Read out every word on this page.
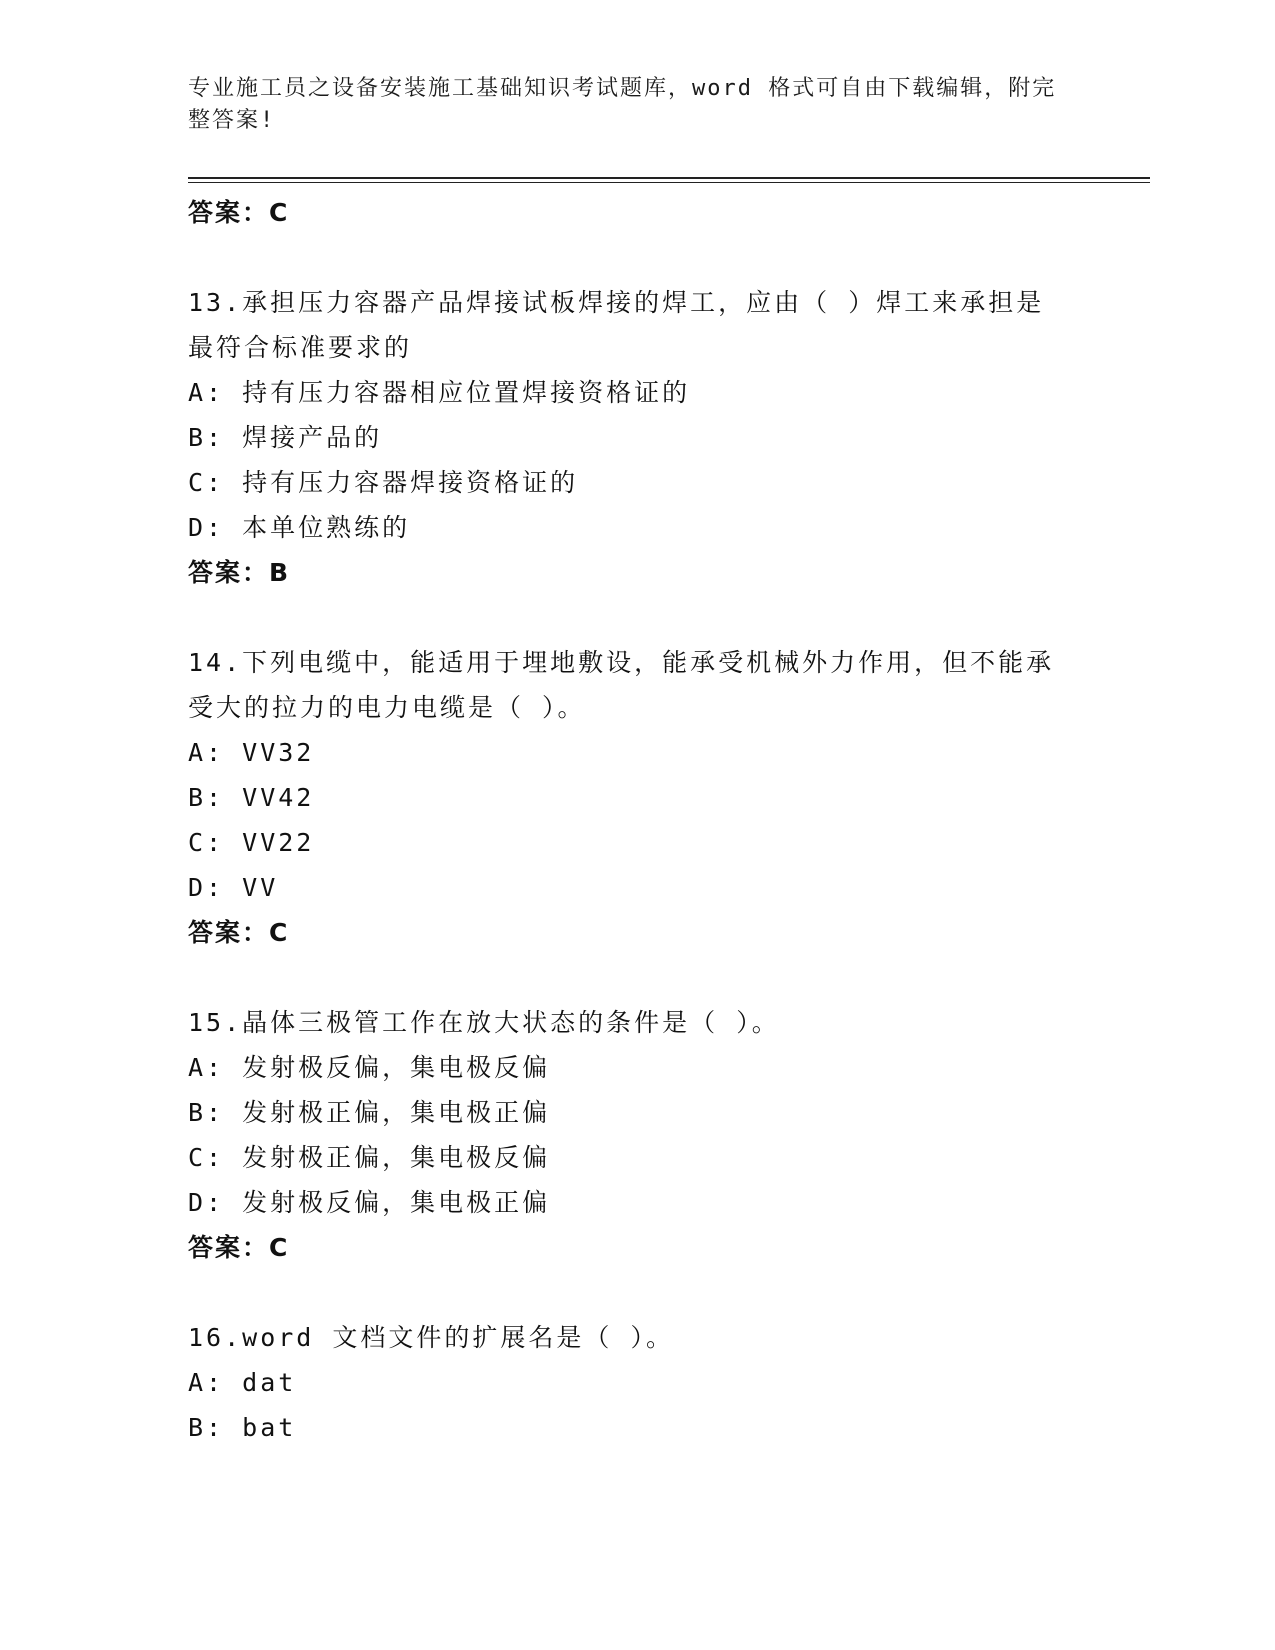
专业施工员之设备安装施工基础知识考试题库，word 格式可自由下载编辑，附完
整答案!
答案：C
13.承担压力容器产品焊接试板焊接的焊工，应由（ ）焊工来承担是
最符合标准要求的
A: 持有压力容器相应位置焊接资格证的
B: 焊接产品的
C: 持有压力容器焊接资格证的
D: 本单位熟练的
答案：B
14.下列电缆中，能适用于埋地敷设，能承受机械外力作用，但不能承
受大的拉力的电力电缆是（ ）。
A: VV32
B: VV42
C: VV22
D: VV
答案：C
15.晶体三极管工作在放大状态的条件是（ ）。
A: 发射极反偏，集电极反偏
B: 发射极正偏，集电极正偏
C: 发射极正偏，集电极反偏
D: 发射极反偏，集电极正偏
答案：C
16.word 文档文件的扩展名是（ ）。
A: dat
B: bat
